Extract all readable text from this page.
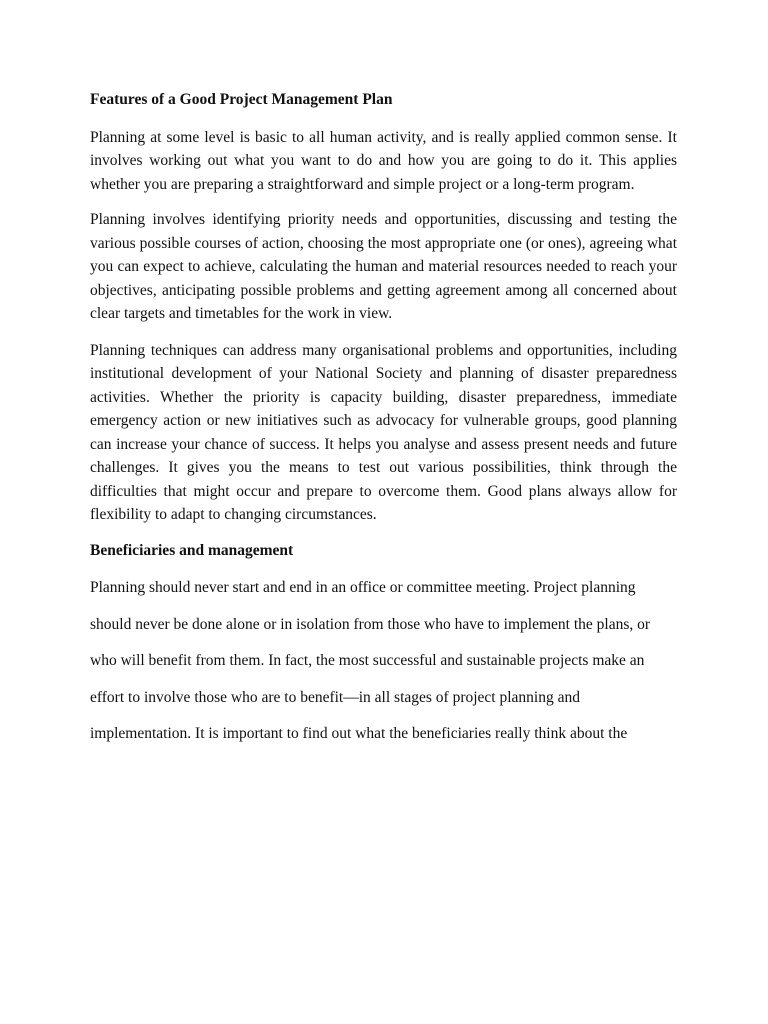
Features of a Good Project Management Plan

Planning at some level is basic to all human activity, and is really applied common sense. It involves working out what you want to do and how you are going to do it. This applies whether you are preparing a straightforward and simple project or a long-term program.

Planning involves identifying priority needs and opportunities, discussing and testing the various possible courses of action, choosing the most appropriate one (or ones), agreeing what you can expect to achieve, calculating the human and material resources needed to reach your objectives, anticipating possible problems and getting agreement among all concerned about clear targets and timetables for the work in view.

Planning techniques can address many organisational problems and opportunities, including institutional development of your National Society and planning of disaster preparedness activities. Whether the priority is capacity building, disaster preparedness, immediate emergency action or new initiatives such as advocacy for vulnerable groups, good planning can increase your chance of success. It helps you analyse and assess present needs and future challenges. It gives you the means to test out various possibilities, think through the difficulties that might occur and prepare to overcome them. Good plans always allow for flexibility to adapt to changing circumstances.

Beneficiaries and management

Planning should never start and end in an office or committee meeting. Project planning

should never be done alone or in isolation from those who have to implement the plans, or

who will benefit from them. In fact, the most successful and sustainable projects make an

effort to involve those who are to benefit—in all stages of project planning and

implementation. It is important to find out what the beneficiaries really think about the
